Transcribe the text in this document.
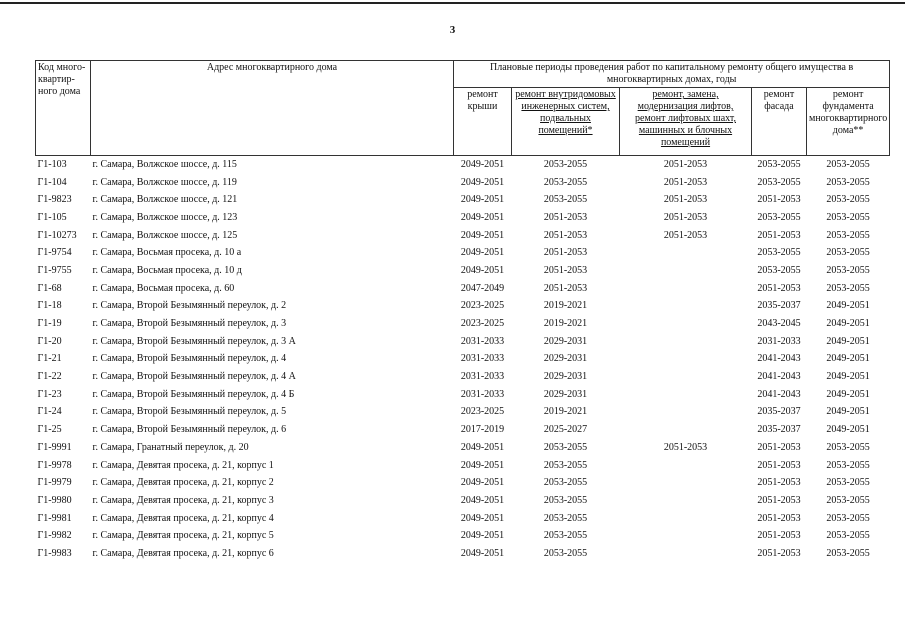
3
Код много-квартир-ного дома	Адрес многоквартирного дома	Плановые периоды проведения работ по капитальному ремонту общего имущества в многоквартирных домах, годы				
		ремонт крыши	ремонт внутридомовых инженерных систем, подвальных помещений*	ремонт, замена, модернизация лифтов, ремонт лифтовых шахт, машинных и блочных помещений	ремонт фасада	ремонт фундамента многоквартирного дома**
Г1-103	г. Самара, Волжское шоссе, д. 115	2049-2051	2053-2055	2051-2053	2053-2055	2053-2055
Г1-104	г. Самара, Волжское шоссе, д. 119	2049-2051	2053-2055	2051-2053	2053-2055	2053-2055
Г1-9823	г. Самара, Волжское шоссе, д. 121	2049-2051	2053-2055	2051-2053	2051-2053	2053-2055
Г1-105	г. Самара, Волжское шоссе, д. 123	2049-2051	2051-2053	2051-2053	2053-2055	2053-2055
Г1-10273	г. Самара, Волжское шоссе, д. 125	2049-2051	2051-2053	2051-2053	2051-2053	2053-2055
Г1-9754	г. Самара, Восьмая просека, д. 10 а	2049-2051	2051-2053		2053-2055	2053-2055
Г1-9755	г. Самара, Восьмая просека, д. 10 д	2049-2051	2051-2053		2053-2055	2053-2055
Г1-68	г. Самара, Восьмая просека, д. 60	2047-2049	2051-2053		2051-2053	2053-2055
Г1-18	г. Самара, Второй Безымянный переулок, д. 2	2023-2025	2019-2021		2035-2037	2049-2051
Г1-19	г. Самара, Второй Безымянный переулок, д. 3	2023-2025	2019-2021		2043-2045	2049-2051
Г1-20	г. Самара, Второй Безымянный переулок, д. 3 А	2031-2033	2029-2031		2031-2033	2049-2051
Г1-21	г. Самара, Второй Безымянный переулок, д. 4	2031-2033	2029-2031		2041-2043	2049-2051
Г1-22	г. Самара, Второй Безымянный переулок, д. 4 А	2031-2033	2029-2031		2041-2043	2049-2051
Г1-23	г. Самара, Второй Безымянный переулок, д. 4 Б	2031-2033	2029-2031		2041-2043	2049-2051
Г1-24	г. Самара, Второй Безымянный переулок, д. 5	2023-2025	2019-2021		2035-2037	2049-2051
Г1-25	г. Самара, Второй Безымянный переулок, д. 6	2017-2019	2025-2027		2035-2037	2049-2051
Г1-9991	г. Самара, Гранатный переулок, д. 20	2049-2051	2053-2055	2051-2053	2051-2053	2053-2055
Г1-9978	г. Самара, Девятая просека, д. 21, корпус 1	2049-2051	2053-2055		2051-2053	2053-2055
Г1-9979	г. Самара, Девятая просека, д. 21, корпус 2	2049-2051	2053-2055		2051-2053	2053-2055
Г1-9980	г. Самара, Девятая просека, д. 21, корпус 3	2049-2051	2053-2055		2051-2053	2053-2055
Г1-9981	г. Самара, Девятая просека, д. 21, корпус 4	2049-2051	2053-2055		2051-2053	2053-2055
Г1-9982	г. Самара, Девятая просека, д. 21, корпус 5	2049-2051	2053-2055		2051-2053	2053-2055
Г1-9983	г. Самара, Девятая просека, д. 21, корпус 6	2049-2051	2053-2055		2051-2053	2053-2055
